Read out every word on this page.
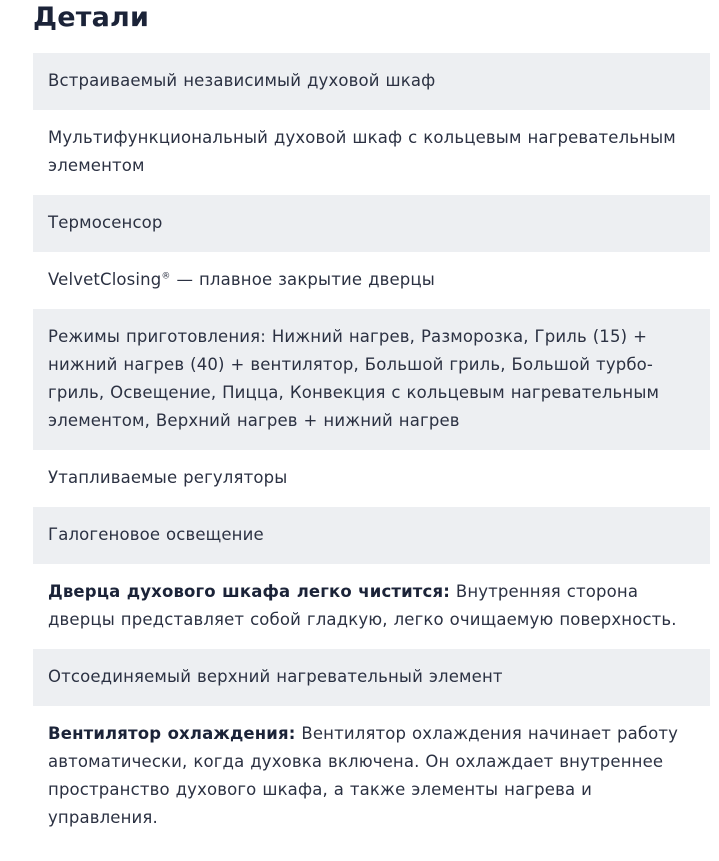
Детали
Встраиваемый независимый духовой шкаф
Мультифункциональный духовой шкаф с кольцевым нагревательным элементом
Термосенсор
VelvetClosing® — плавное закрытие дверцы
Режимы приготовления: Нижний нагрев, Разморозка, Гриль (15) + нижний нагрев (40) + вентилятор, Большой гриль, Большой турбо-гриль, Освещение, Пицца, Конвекция с кольцевым нагревательным элементом, Верхний нагрев + нижний нагрев
Утапливаемые регуляторы
Галогеновое освещение
Дверца духового шкафа легко чистится: Внутренняя сторона дверцы представляет собой гладкую, легко очищаемую поверхность.
Отсоединяемый верхний нагревательный элемент
Вентилятор охлаждения: Вентилятор охлаждения начинает работу автоматически, когда духовка включена. Он охлаждает внутреннее пространство духового шкафа, а также элементы нагрева и управления.
